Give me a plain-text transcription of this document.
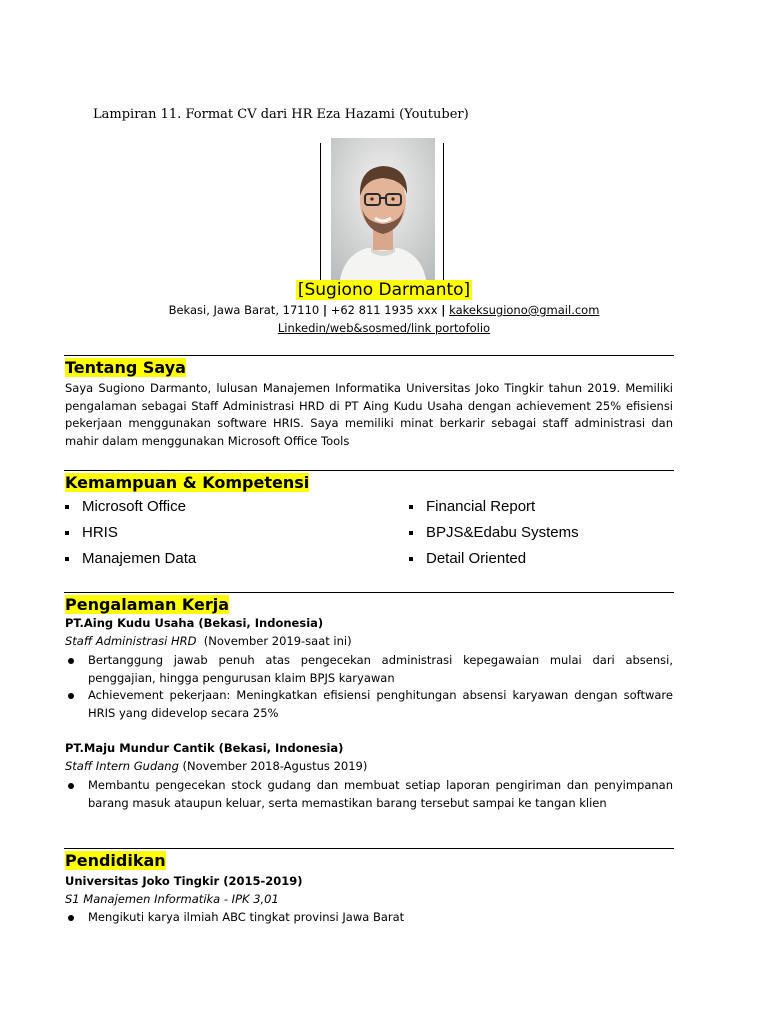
Lampiran 11. Format CV dari HR Eza Hazami (Youtuber)
[Sugiono Darmanto]
Bekasi, Jawa Barat, 17110 | +62 811 1935 xxx | kakeksugiono@gmail.com
Linkedin/web&sosmed/link portofolio
Tentang Saya
Saya Sugiono Darmanto, lulusan Manajemen Informatika Universitas Joko Tingkir tahun 2019. Memiliki pengalaman sebagai Staff Administrasi HRD di PT Aing Kudu Usaha dengan achievement 25% efisiensi pekerjaan menggunakan software HRIS. Saya memiliki minat berkarir sebagai staff administrasi dan mahir dalam menggunakan Microsoft Office Tools
Kemampuan & Kompetensi
Microsoft Office
HRIS
Manajemen Data
Financial Report
BPJS&Edabu Systems
Detail Oriented
Pengalaman Kerja
PT.Aing Kudu Usaha (Bekasi, Indonesia)
Staff Administrasi HRD (November 2019-saat ini)
Bertanggung jawab penuh atas pengecekan administrasi kepegawaian mulai dari absensi, penggajian, hingga pengurusan klaim BPJS karyawan
Achievement pekerjaan: Meningkatkan efisiensi penghitungan absensi karyawan dengan software HRIS yang didevelop secara 25%
PT.Maju Mundur Cantik (Bekasi, Indonesia)
Staff Intern Gudang (November 2018-Agustus 2019)
Membantu pengecekan stock gudang dan membuat setiap laporan pengiriman dan penyimpanan barang masuk ataupun keluar, serta memastikan barang tersebut sampai ke tangan klien
Pendidikan
Universitas Joko Tingkir (2015-2019)
S1 Manajemen Informatika - IPK 3,01
Mengikuti karya ilmiah ABC tingkat provinsi Jawa Barat
